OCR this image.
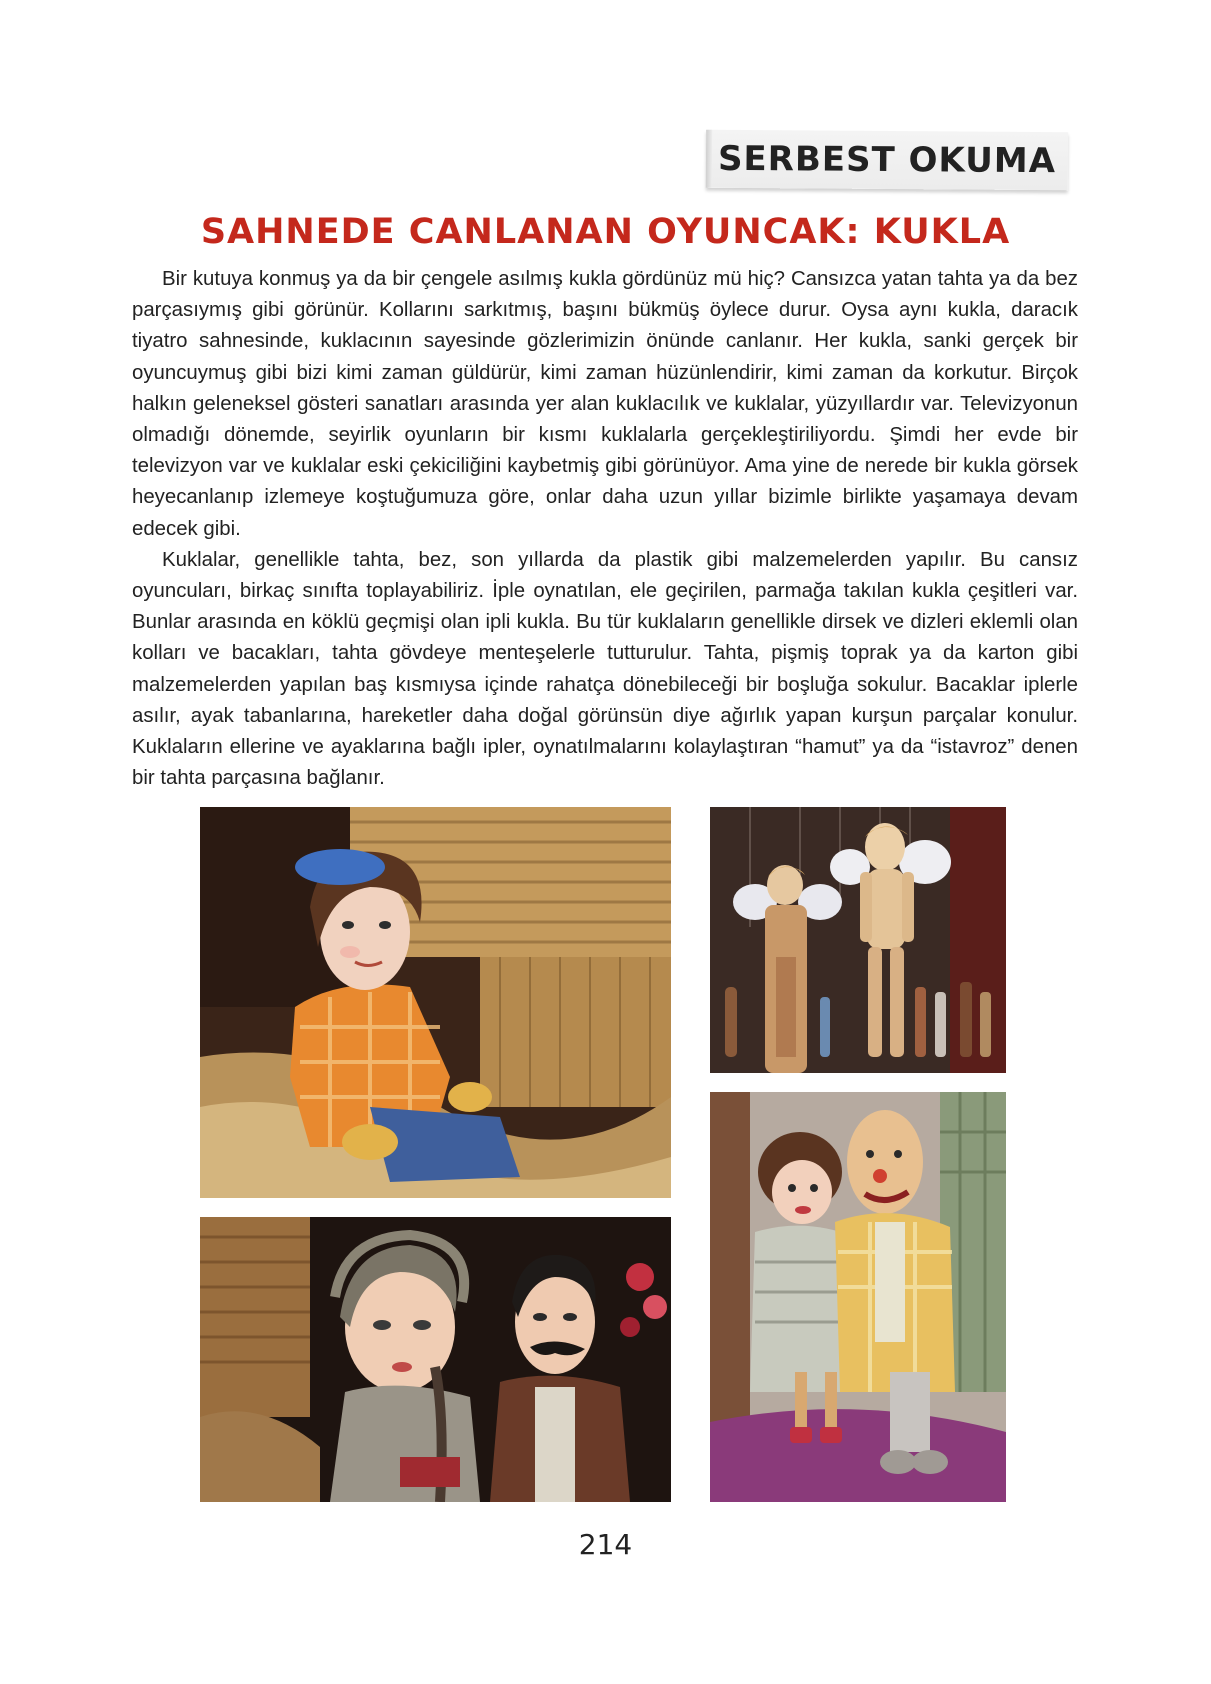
SERBEST OKUMA
SAHNEDE CANLANAN OYUNCAK: KUKLA

Bir kutuya konmuş ya da bir çengele asılmış kukla gördünüz mü hiç? Cansızca yatan tahta ya da bez parçasıymış gibi görünür. Kollarını sarkıtmış, başını bükmüş öylece durur. Oysa aynı kukla, daracık tiyatro sahnesinde, kuklacının sayesinde gözlerimizin önünde canlanır. Her kukla, sanki gerçek bir oyuncuymuş gibi bizi kimi zaman güldürür, kimi zaman hüzünlendirir, kimi zaman da korkutur. Birçok halkın geleneksel gösteri sanatları arasında yer alan kuklacılık ve kuklalar, yüzyıllardır var. Televizyonun olmadığı dönemde, seyirlik oyunların bir kısmı kuklalarla gerçekleştiriliyordu. Şimdi her evde bir televizyon var ve kuklalar eski çekiciliğini kaybetmiş gibi görünüyor. Ama yine de nerede bir kukla görsek heyecanlanıp izlemeye koştuğumuza göre, onlar daha uzun yıllar bizimle birlikte yaşamaya devam edecek gibi.

Kuklalar, genellikle tahta, bez, son yıllarda da plastik gibi malzemelerden yapılır. Bu cansız oyuncuları, birkaç sınıfta toplayabiliriz. İple oynatılan, ele geçirilen, parmağa takılan kukla çeşitleri var. Bunlar arasında en köklü geçmişi olan ipli kukla. Bu tür kuklaların genellikle dirsek ve dizleri eklemli olan kolları ve bacakları, tahta gövdeye menteşelerle tutturulur. Tahta, pişmiş toprak ya da karton gibi malzemelerden yapılan baş kısmıysa içinde rahatça dönebileceği bir boşluğa sokulur. Bacaklar iplerle asılır, ayak tabanlarına, hareketler daha doğal görünsün diye ağırlık yapan kurşun parçalar konulur. Kuklaların ellerine ve ayaklarına bağlı ipler, oynatılmalarını kolaylaştıran “hamut” ya da “istavroz” denen bir tahta parçasına bağlanır.

214
